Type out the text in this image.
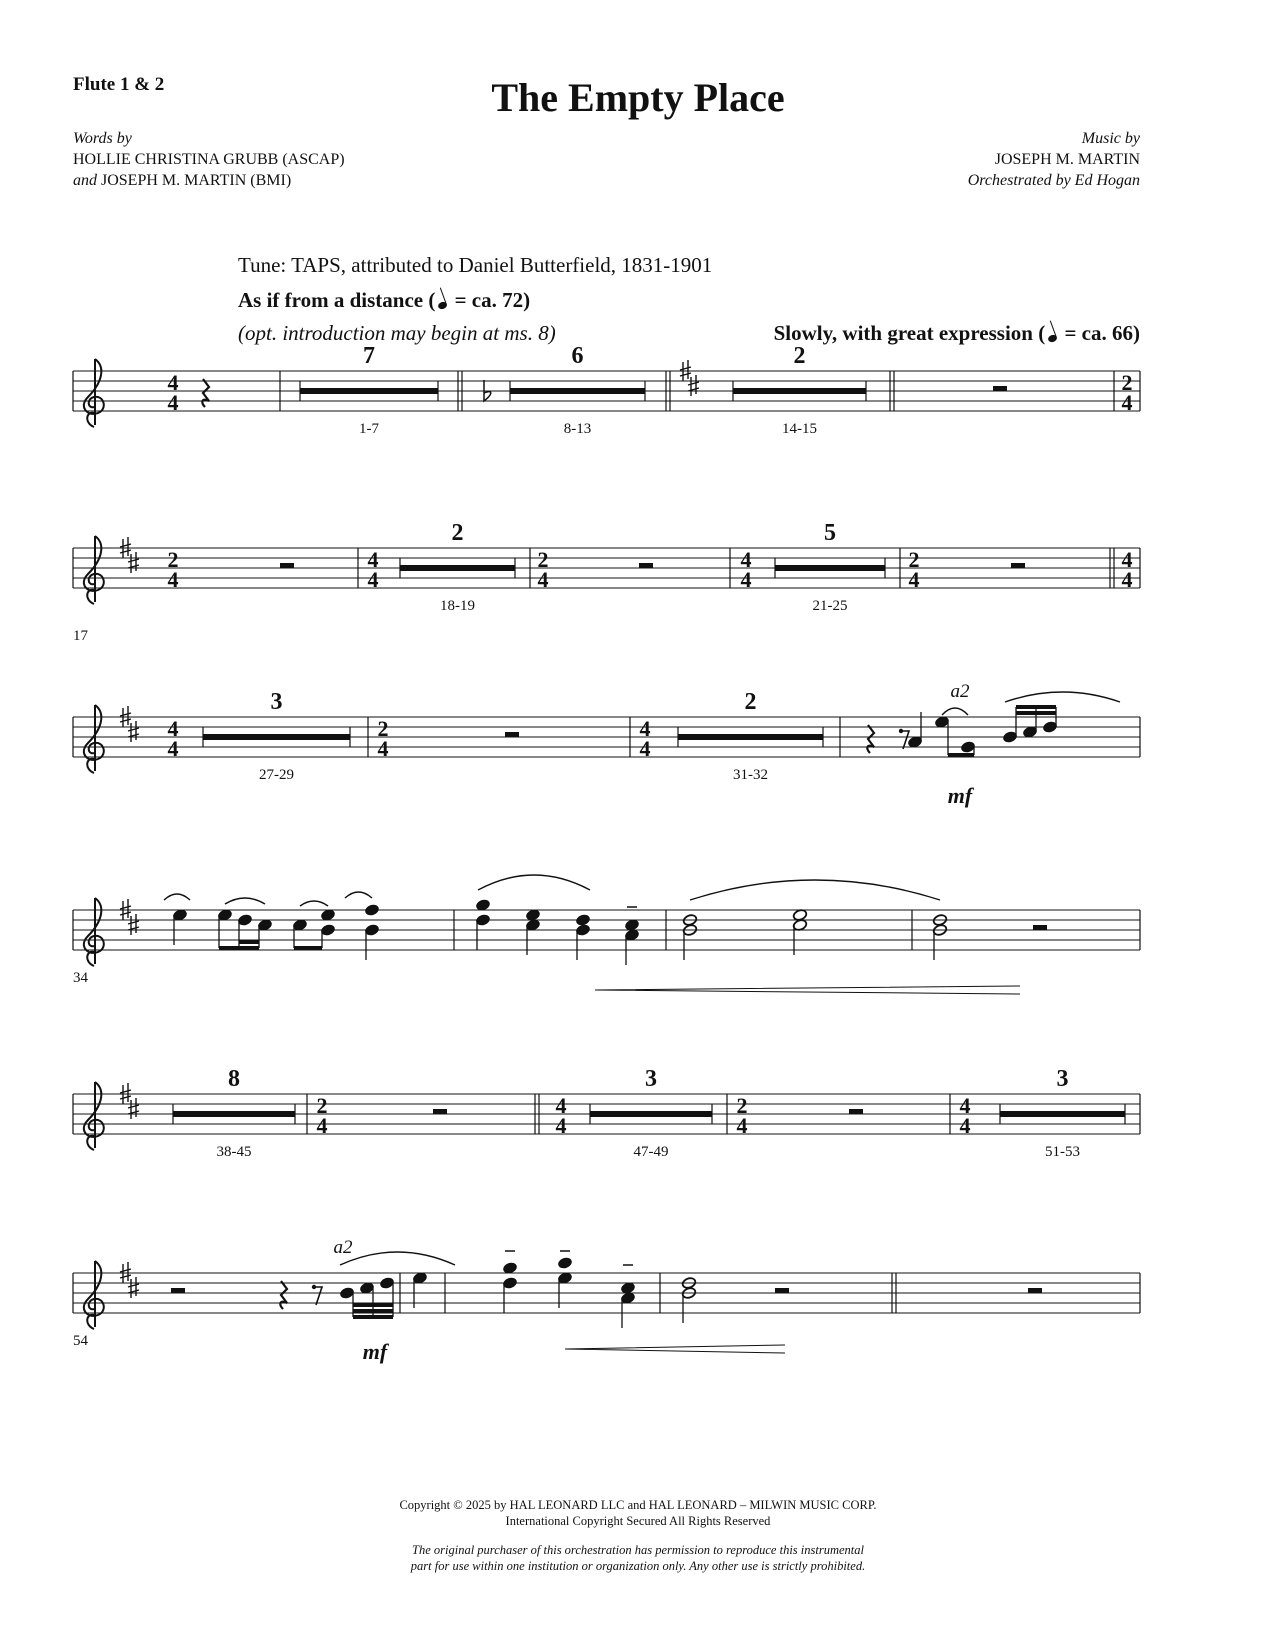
Flute 1 & 2	The Empty Place
Words by
HOLLIE CHRISTINA GRUBB (ASCAP)
and JOSEPH M. MARTIN (BMI)
Music by
JOSEPH M. MARTIN
Orchestrated by Ed Hogan
Tune: TAPS, attributed to Daniel Butterfield, 1831-1901
As if from a distance ( = ca. 72)
(opt. introduction may begin at ms. 8)	Slowly, with great expression ( = ca. 66)
4
4
7
1-7
6
8-13
2
14-15
2
4
17
2
4
4
4
2
18-19
2
4
4
4
5
21-25
2
4
4
4
4
4
3
27-29
2
4
4
4
2
31-32
a2
mf
34
8
38-45
2
4
4
4
3
47-49
2
4
4
4
3
51-53
54
a2
mf
Copyright © 2025 by HAL LEONARD LLC and HAL LEONARD – MILWIN MUSIC CORP.
International Copyright Secured All Rights Reserved
The original purchaser of this orchestration has permission to reproduce this instrumental
part for use within one institution or organization only. Any other use is strictly prohibited.
